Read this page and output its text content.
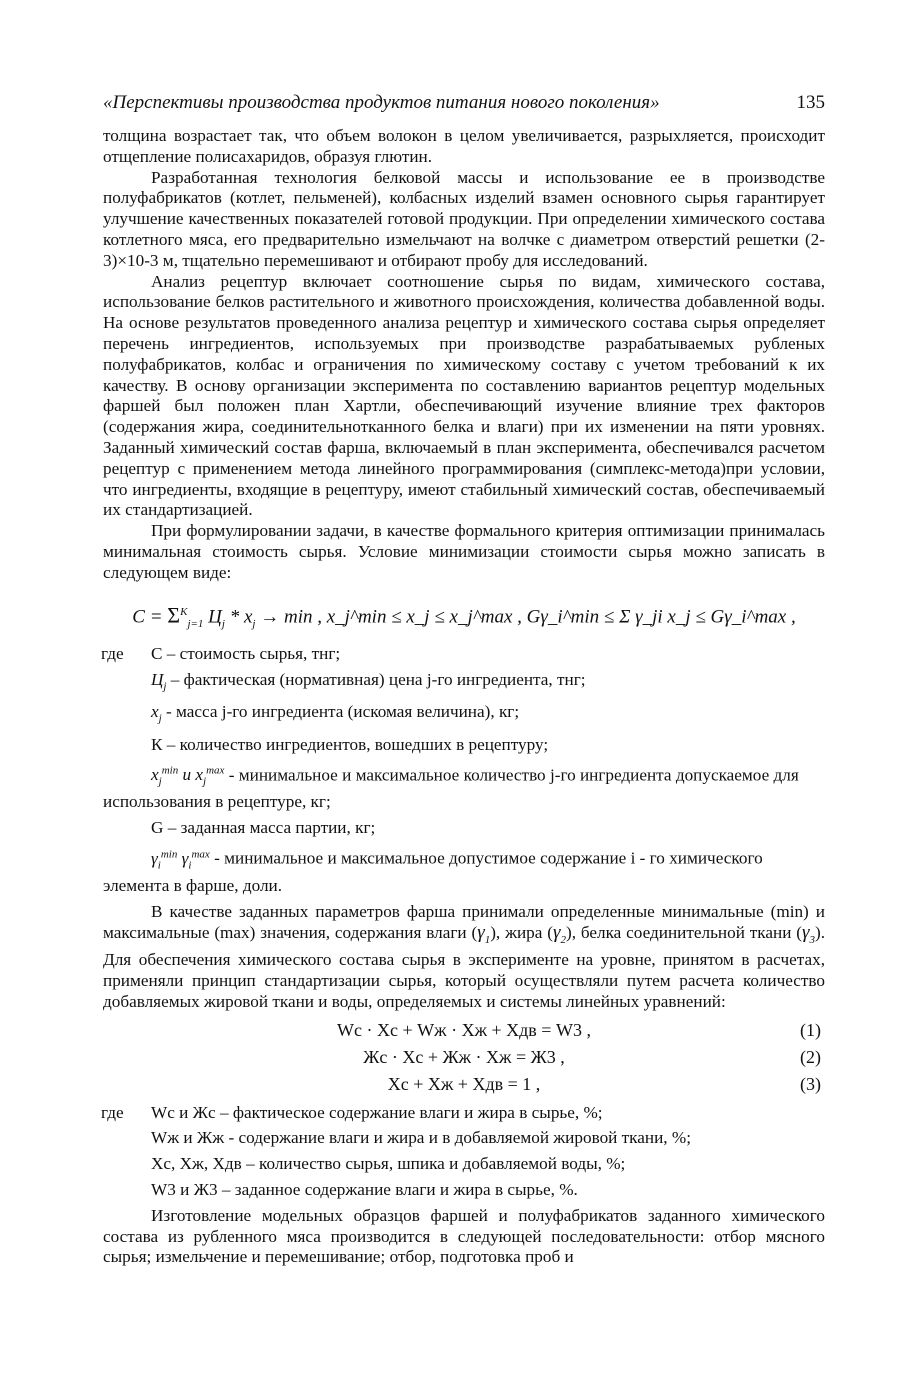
«Перспективы производства продуктов питания нового поколения»	135

толщина возрастает так, что объем волокон в целом увеличивается, разрыхляется, происходит отщепление полисахаридов, образуя глютин.

Разработанная технология белковой массы и использование ее в производстве полуфабрикатов (котлет, пельменей), колбасных изделий взамен основного сырья гарантирует улучшение качественных показателей готовой продукции. При определении химического состава котлетного мяса, его предварительно измельчают на волчке с диаметром отверстий решетки (2-3)×10-3 м, тщательно перемешивают и отбирают пробу для исследований.

Анализ рецептур включает соотношение сырья по видам, химического состава, использование белков растительного и животного происхождения, количества добавленной воды. На основе результатов проведенного анализа рецептур и химического состава сырья определяет перечень ингредиентов, используемых при производстве разрабатываемых рубленых полуфабрикатов, колбас и ограничения по химическому составу с учетом требований к их качеству. В основу организации эксперимента по составлению вариантов рецептур модельных фаршей был положен план Хартли, обеспечивающий изучение влияние трех факторов (содержания жира, соединительнотканного белка и влаги) при их изменении на пяти уровнях. Заданный химический состав фарша, включаемый в план эксперимента, обеспечивался расчетом рецептур с применением метода линейного программирования (симплекс-метода)при условии, что ингредиенты, входящие в рецептуру, имеют стабильный химический состав, обеспечиваемый их стандартизацией.

При формулировании задачи, в качестве формального критерия оптимизации принималась минимальная стоимость сырья. Условие минимизации стоимости сырья можно записать в следующем виде:

$C = \Sigma^K_{j=1}$ $Ц_j * x_j \to \min$ , x_j^min ≤ x_j ≤ x_j^max , Gγ_i^min ≤ Σ γ_ji x_j ≤ Gγ_i^max ,
где С – стоимость сырья, тнг;
$Ц_j$ – фактическая (нормативная) цена j-го ингредиента, тнг;
$x_j$ - масса j-го ингредиента (искомая величина), кг;
К – количество ингредиентов, вошедших в рецептуру;
$x_j^{min}$ и $x_j^{max}$ - минимальное и максимальное количество j-го ингредиента допускаемое для использования в рецептуре, кг;
G – заданная масса партии, кг;
$\gamma_i^{min}$ $\gamma_i^{max}$ - минимальное и максимальное допустимое содержание i - го химического элемента в фарше, доли.

В качестве заданных параметров фарша принимали определенные минимальные (min) и максимальные (max) значения, содержания влаги $(\gamma_1)$, жира $(\gamma_2)$, белка соединительной ткани $(\gamma_3)$. Для обеспечения химического состава сырья в эксперименте на уровне, принятом в расчетах, применяли принцип стандартизации сырья, который осуществляли путем расчета количество добавляемых жировой ткани и воды, определяемых и системы линейных уравнений:

Wс · Хс + Wж · Хж + Хдв = W3 ,	(1)
Жс · Хс + Жж · Хж = Ж3 ,	(2)
Хс + Хж + Хдв = 1 ,	(3)
где Wс и Жс – фактическое содержание влаги и жира в сырье, %;
Wж и Жж - содержание влаги и жира и в добавляемой жировой ткани, %;
Хс, Хж, Хдв – количество сырья, шпика и добавляемой воды, %;
W3 и Ж3 – заданное содержание влаги и жира в сырье, %.

Изготовление модельных образцов фаршей и полуфабрикатов заданного химического состава из рубленного мяса производится в следующей последовательности: отбор мясного сырья; измельчение и перемешивание; отбор, подготовка проб и
